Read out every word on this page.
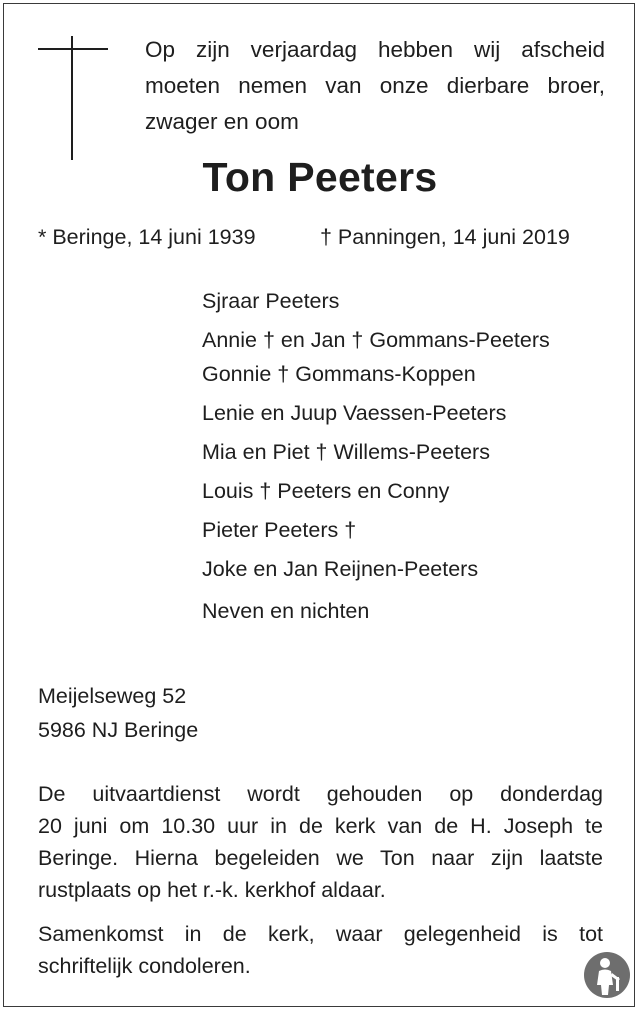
Op zijn verjaardag hebben wij afscheid
moeten nemen van onze dierbare broer,
zwager en oom

Ton Peeters
* Beringe, 14 juni 1939	† Panningen, 14 juni 2019
Sjraar Peeters
Annie † en Jan † Gommans-Peeters
Gonnie † Gommans-Koppen
Lenie en Juup Vaessen-Peeters
Mia en Piet † Willems-Peeters
Louis † Peeters en Conny
Pieter Peeters †
Joke en Jan Reijnen-Peeters
Neven en nichten
Meijelseweg 52
5986 NJ Beringe

De uitvaartdienst wordt gehouden op donderdag
20 juni om 10.30 uur in de kerk van de H. Joseph te
Beringe. Hierna begeleiden we Ton naar zijn laatste
rustplaats op het r.-k. kerkhof aldaar.

Samenkomst in de kerk, waar gelegenheid is tot
schriftelijk condoleren.
